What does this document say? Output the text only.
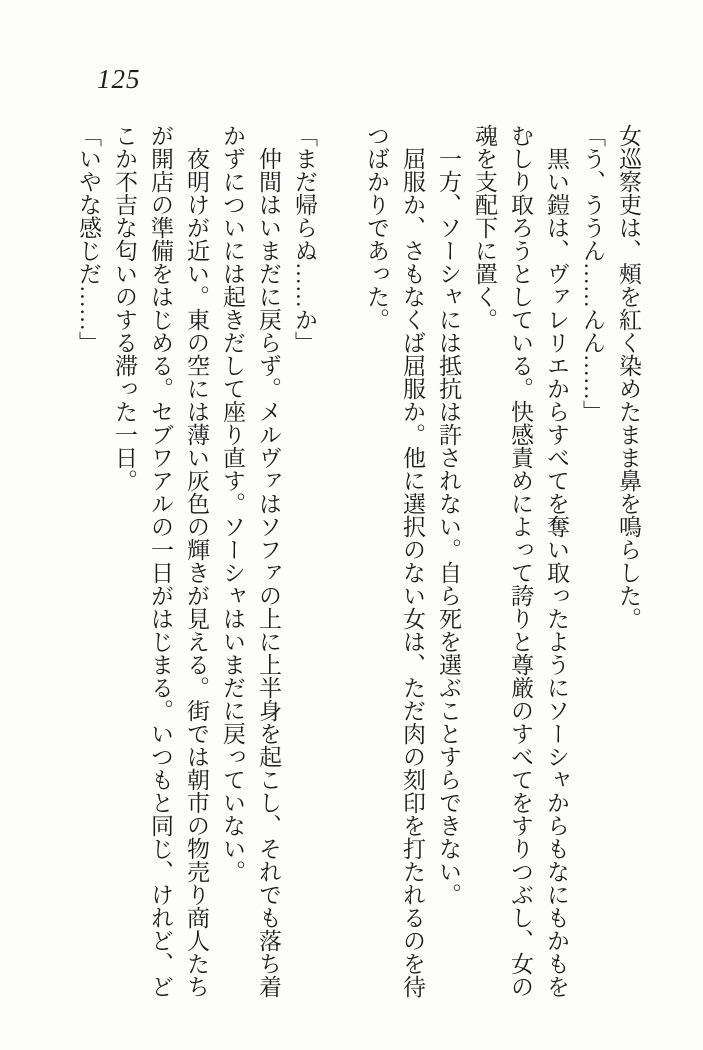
125

女巡察吏は、頰を紅く染めたまま鼻を鳴らした。

「う、ううん……んん……」

黒い鎧は、ヴァレリエからすべてを奪い取ったようにソーシャからもなにもかもをむしり取ろうとしている。快感責めによって誇りと尊厳のすべてをすりつぶし、女の魂を支配下に置く。

一方、ソーシャには抵抗は許されない。自ら死を選ぶことすらできない。

屈服か、さもなくば屈服か。他に選択のない女は、ただ肉の刻印を打たれるのを待つばかりであった。

「まだ帰らぬ……か」

仲間はいまだに戻らず。メルヴァはソファの上に上半身を起こし、それでも落ち着かずについには起きだして座り直す。ソーシャはいまだに戻っていない。

夜明けが近い。東の空には薄い灰色の輝きが見える。街では朝市の物売り商人たちが開店の準備をはじめる。セブワアルの一日がはじまる。いつもと同じ、けれど、どこか不吉な匂いのする滞った一日。

「いやな感じだ……」
